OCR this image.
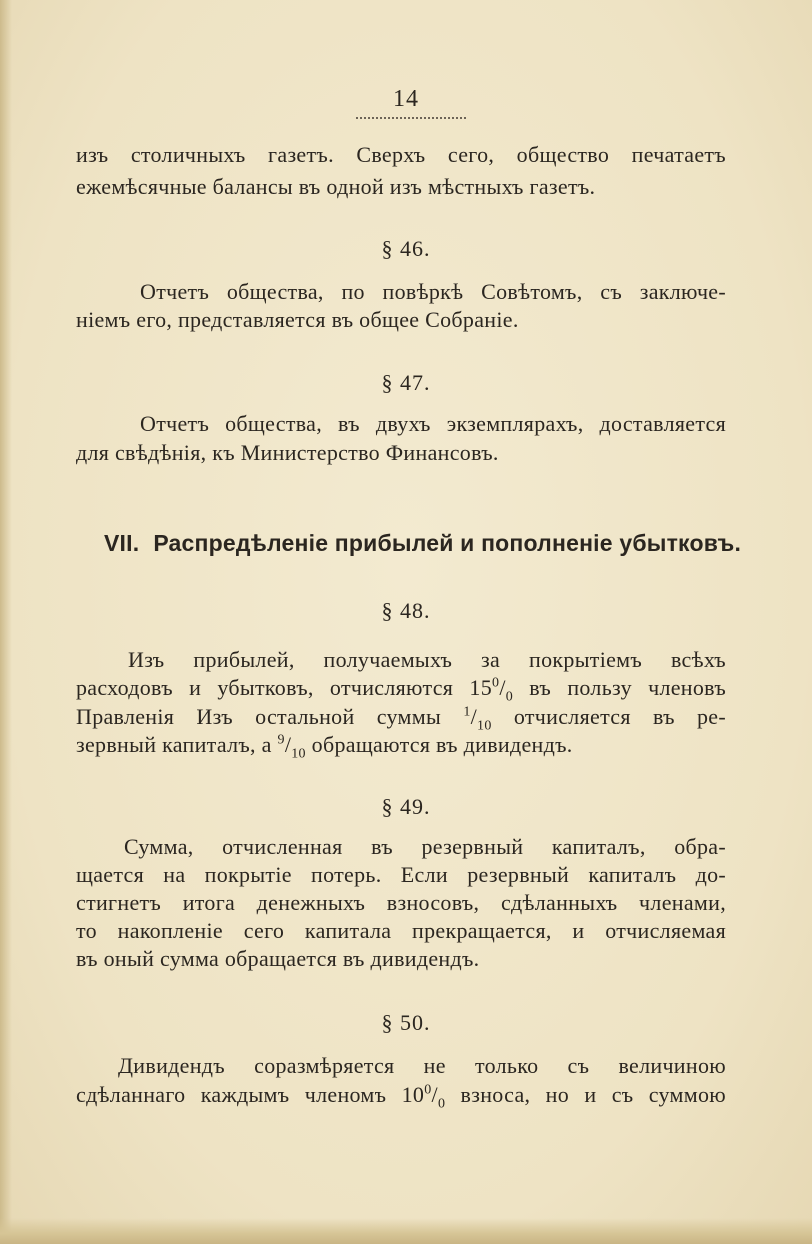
14
изъ столичныхъ газетъ. Сверхъ сего, общество печатаетъ
ежемѣсячные балансы въ одной изъ мѣстныхъ газетъ.
§ 46.
Отчетъ общества, по повѣркѣ Совѣтомъ, съ заключе-
ніемъ его, представляется въ общее Собраніе.
§ 47.
Отчетъ общества, въ двухъ экземплярахъ, доставляется
для свѣдѣнія, къ Министерство Финансовъ.
VII. Распредѣленіе прибылей и пополненіе убытковъ.
§ 48.
Изъ прибылей, получаемыхъ за покрытіемъ всѣхъ
расходовъ и убытковъ, отчисляются $15^0/_0$ въ пользу членовъ
Правленія Изъ остальной суммы $^1/_{10}$ отчисляется въ ре-
зервный капиталъ, а $^9/_{10}$ обращаются въ дивидендъ.
§ 49.
Сумма, отчисленная въ резервный капиталъ, обра-
щается на покрытіе потерь. Если резервный капиталъ до-
стигнетъ итога денежныхъ взносовъ, сдѣланныхъ членами,
то накопленіе сего капитала прекращается, и отчисляемая
въ оный сумма обращается въ дивидендъ.
§ 50.
Дивидендъ соразмѣряется не только съ величиною
сдѣланнаго каждымъ членомъ $10^0/_0$ взноса, но и съ суммою
